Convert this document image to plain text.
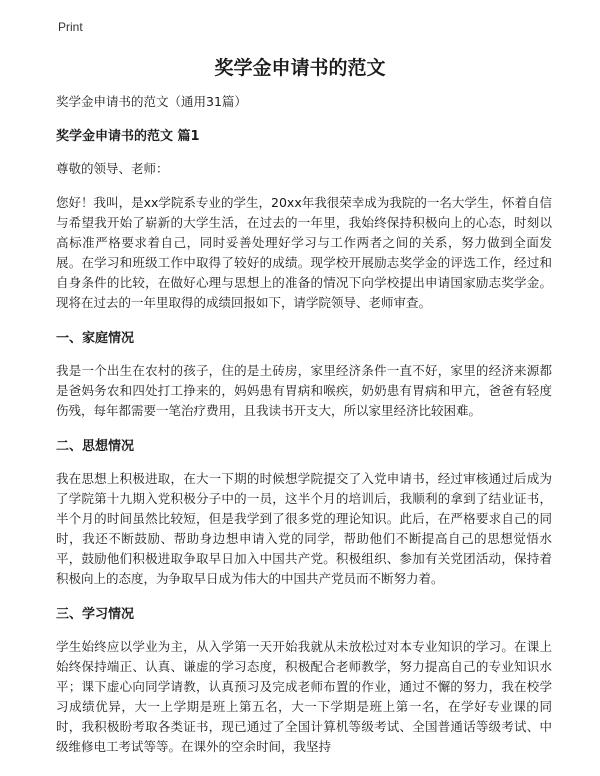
Print
奖学金申请书的范文

奖学金申请书的范文（通用31篇）

奖学金申请书的范文 篇1

尊敬的领导、老师：

您好！我叫，是xx学院系专业的学生，20xx年我很荣幸成为我院的一名大学生，怀着自信与希望我开始了崭新的大学生活，在过去的一年里，我始终保持积极向上的心态，时刻以高标准严格要求着自己，同时妥善处理好学习与工作两者之间的关系，努力做到全面发展。在学习和班级工作中取得了较好的成绩。现学校开展励志奖学金的评选工作，经过和自身条件的比较，在做好心理与思想上的准备的情况下向学校提出申请国家励志奖学金。现将在过去的一年里取得的成绩回报如下，请学院领导、老师审查。

一、家庭情况

我是一个出生在农村的孩子，住的是土砖房，家里经济条件一直不好，家里的经济来源都是爸妈务农和四处打工挣来的，妈妈患有胃病和喉疾，奶奶患有胃病和甲亢，爸爸有轻度伤残，每年都需要一笔治疗费用，且我读书开支大，所以家里经济比较困难。

二、思想情况

我在思想上积极进取，在大一下期的时候想学院提交了入党申请书，经过审核通过后成为了学院第十九期入党积极分子中的一员，这半个月的培训后，我顺利的拿到了结业证书，半个月的时间虽然比较短，但是我学到了很多党的理论知识。此后，在严格要求自己的同时，我还不断鼓励、帮助身边想申请入党的同学，帮助他们不断提高自己的思想觉悟水平，鼓励他们积极进取争取早日加入中国共产党。积极组织、参加有关党团活动，保持着积极向上的态度，为争取早日成为伟大的中国共产党员而不断努力着。

三、学习情况

学生始终应以学业为主，从入学第一天开始我就从未放松过对本专业知识的学习。在课上始终保持端正、认真、谦虚的学习态度，积极配合老师教学，努力提高自己的专业知识水平；课下虚心向同学请教，认真预习及完成老师布置的作业，通过不懈的努力，我在校学习成绩优异，大一上学期是班上第五名，大一下学期是班上第一名，在学好专业课的同时，我积极盼考取各类证书，现已通过了全国计算机等级考试、全国普通话等级考试、中级维修电工考试等等。在课外的空余时间，我坚持
